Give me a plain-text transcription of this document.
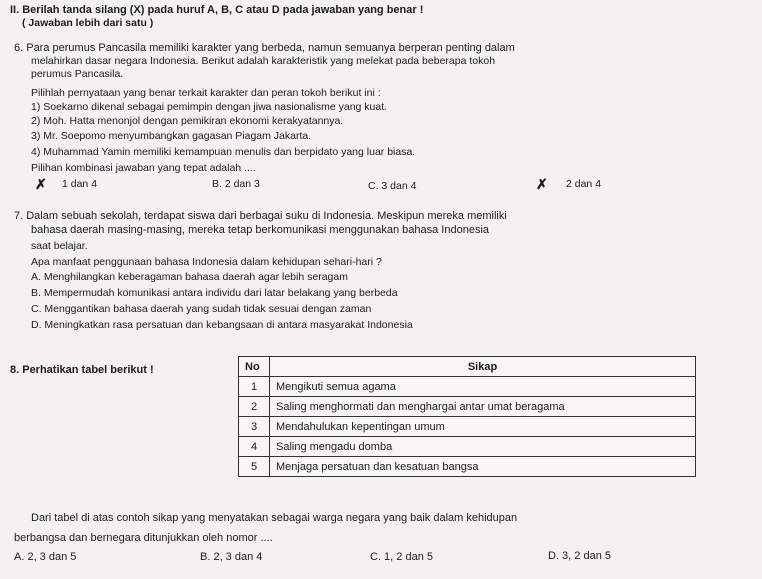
II. Berilah tanda silang (X) pada huruf A, B, C atau D pada jawaban yang benar !
( Jawaban lebih dari satu )
6. Para perumus Pancasila memiliki karakter yang berbeda, namun semuanya berperan penting dalam
melahirkan dasar negara Indonesia. Berikut adalah karakteristik yang melekat pada beberapa tokoh
perumus Pancasila.
Pilihlah pernyataan yang benar terkait karakter dan peran tokoh berikut ini :
1) Soekarno dikenal sebagai pemimpin dengan jiwa nasionalisme yang kuat.
2) Moh. Hatta menonjol dengan pemikiran ekonomi kerakyatannya.
3) Mr. Soepomo menyumbangkan gagasan Piagam Jakarta.
4) Muhammad Yamin memiliki kemampuan menulis dan berpidato yang luar biasa.
Pilihan kombinasi jawaban yang tepat adalah ....
✗ 1 dan 4	B. 2 dan 3	C. 3 dan 4	✗ 2 dan 4
7. Dalam sebuah sekolah, terdapat siswa dari berbagai suku di Indonesia. Meskipun mereka memiliki
bahasa daerah masing-masing, mereka tetap berkomunikasi menggunakan bahasa Indonesia
saat belajar.
Apa manfaat penggunaan bahasa Indonesia dalam kehidupan sehari-hari ?
A. Menghilangkan keberagaman bahasa daerah agar lebih seragam
B. Mempermudah komunikasi antara individu dari latar belakang yang berbeda
C. Menggantikan bahasa daerah yang sudah tidak sesuai dengan zaman
D. Meningkatkan rasa persatuan dan kebangsaan di antara masyarakat Indonesia
8. Perhatikan tabel berikut !	No	Sikap
1	Mengikuti semua agama
2	Saling menghormati dan menghargai antar umat beragama
3	Mendahulukan kepentingan umum
4	Saling mengadu domba
5	Menjaga persatuan dan kesatuan bangsa
Dari tabel di atas contoh sikap yang menyatakan sebagai warga negara yang baik dalam kehidupan
berbangsa dan bernegara ditunjukkan oleh nomor ....
A. 2, 3 dan 5	B. 2, 3 dan 4	C. 1, 2 dan 5	D. 3, 2 dan 5
